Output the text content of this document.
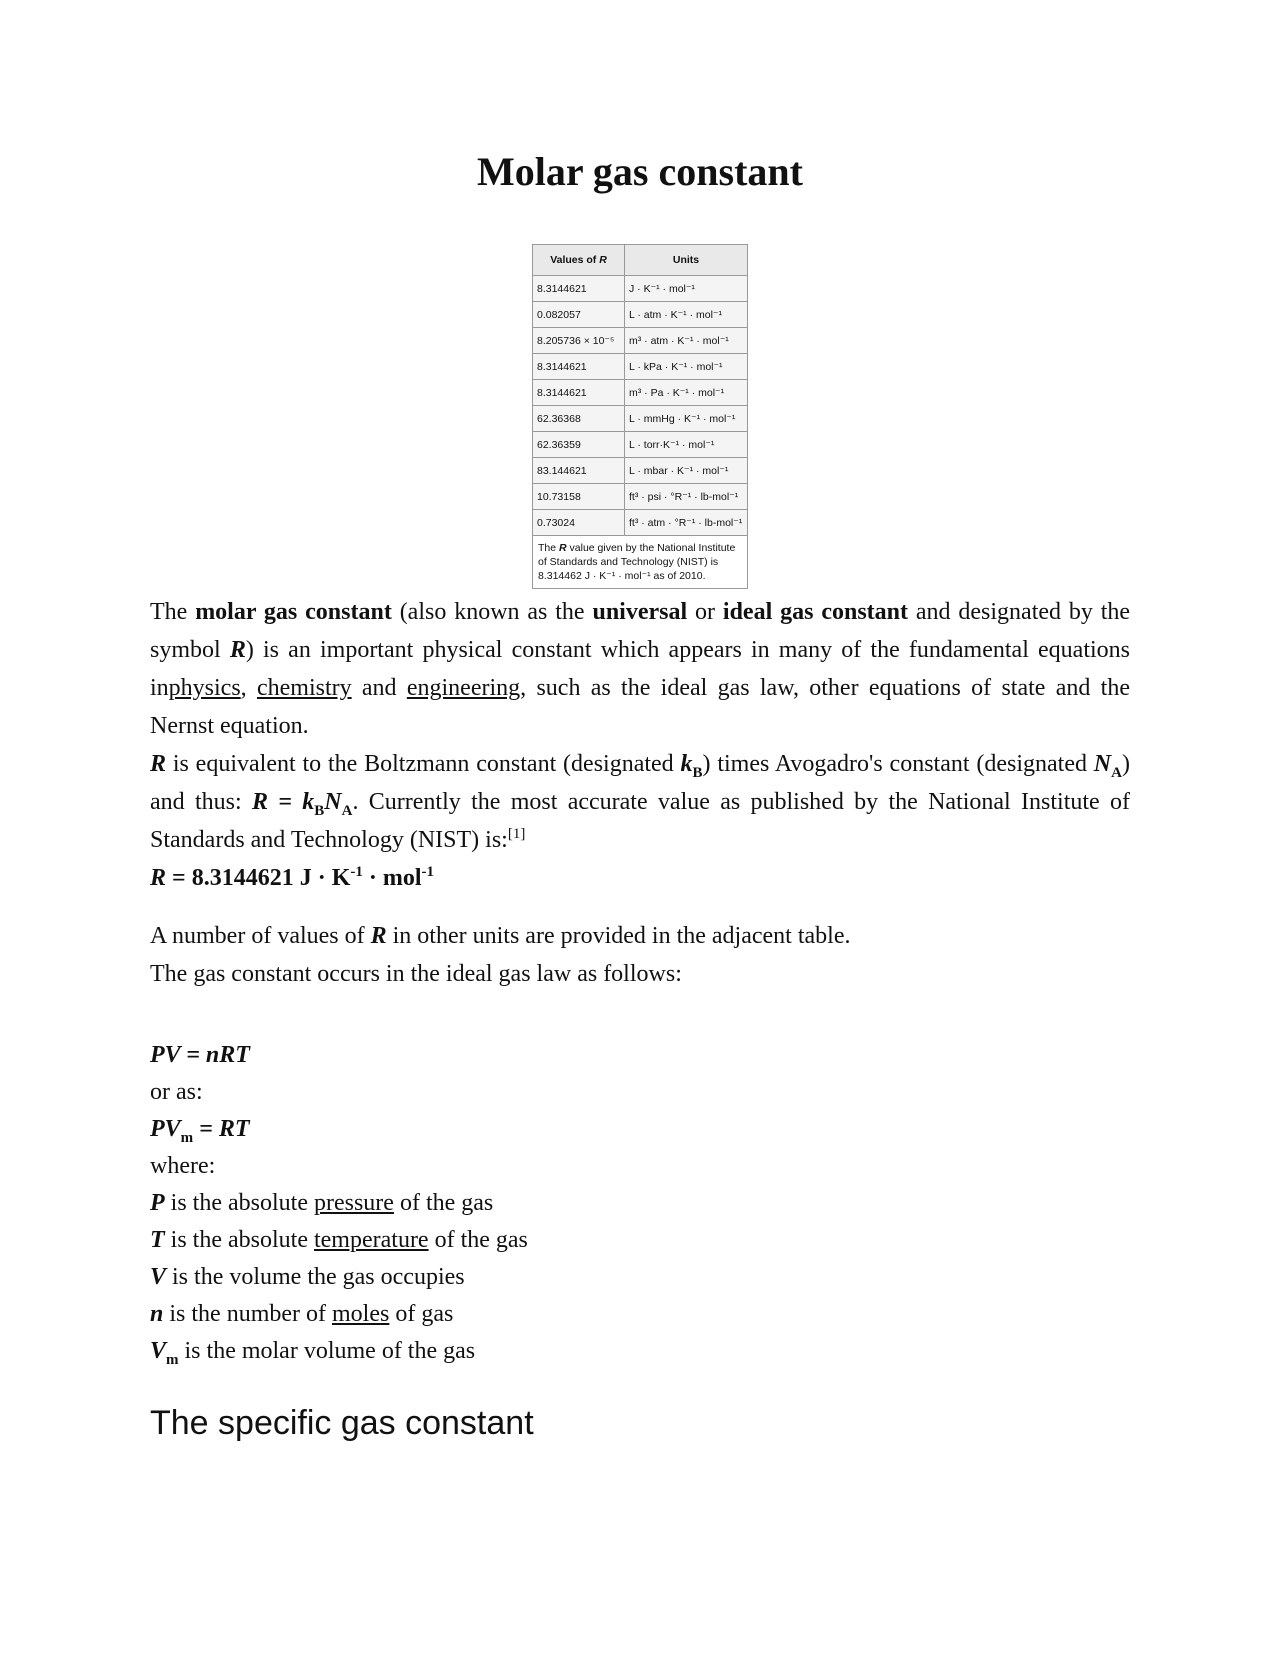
Molar gas constant
Values of R	Units
8.3144621	J · K⁻¹ · mol⁻¹
0.082057	L · atm · K⁻¹ · mol⁻¹
8.205736 × 10⁻⁵	m³ · atm · K⁻¹ · mol⁻¹
8.3144621	L · kPa · K⁻¹ · mol⁻¹
8.3144621	m³ · Pa · K⁻¹ · mol⁻¹
62.36368	L · mmHg · K⁻¹ · mol⁻¹
62.36359	L · torr·K⁻¹ · mol⁻¹
83.144621	L · mbar · K⁻¹ · mol⁻¹
10.73158	ft³ · psi · °R⁻¹ · lb-mol⁻¹
0.73024	ft³ · atm · °R⁻¹ · lb-mol⁻¹
The R value given by the National Institute of Standards and Technology (NIST) is 8.314462 J · K⁻¹ · mol⁻¹ as of 2010.	

The molar gas constant (also known as the universal or ideal gas constant and designated by the symbol R) is an important physical constant which appears in many of the fundamental equations inphysics, chemistry and engineering, such as the ideal gas law, other equations of state and the Nernst equation.

R is equivalent to the Boltzmann constant (designated $k_B$) times Avogadro's constant (designated $N_A$) and thus: $R = k_BN_A$. Currently the most accurate value as published by the National Institute of Standards and Technology (NIST) is:[1]

R = 8.3144621 $J \cdot K^{-1} \cdot mol^{-1}$

A number of values of R in other units are provided in the adjacent table.

The gas constant occurs in the ideal gas law as follows:

PV = nRT
or as:
$PV_m$ = RT
where:
P is the absolute pressure of the gas
T is the absolute temperature of the gas
V is the volume the gas occupies
n is the number of moles of gas
$V_m$ is the molar volume of the gas
The specific gas constant
